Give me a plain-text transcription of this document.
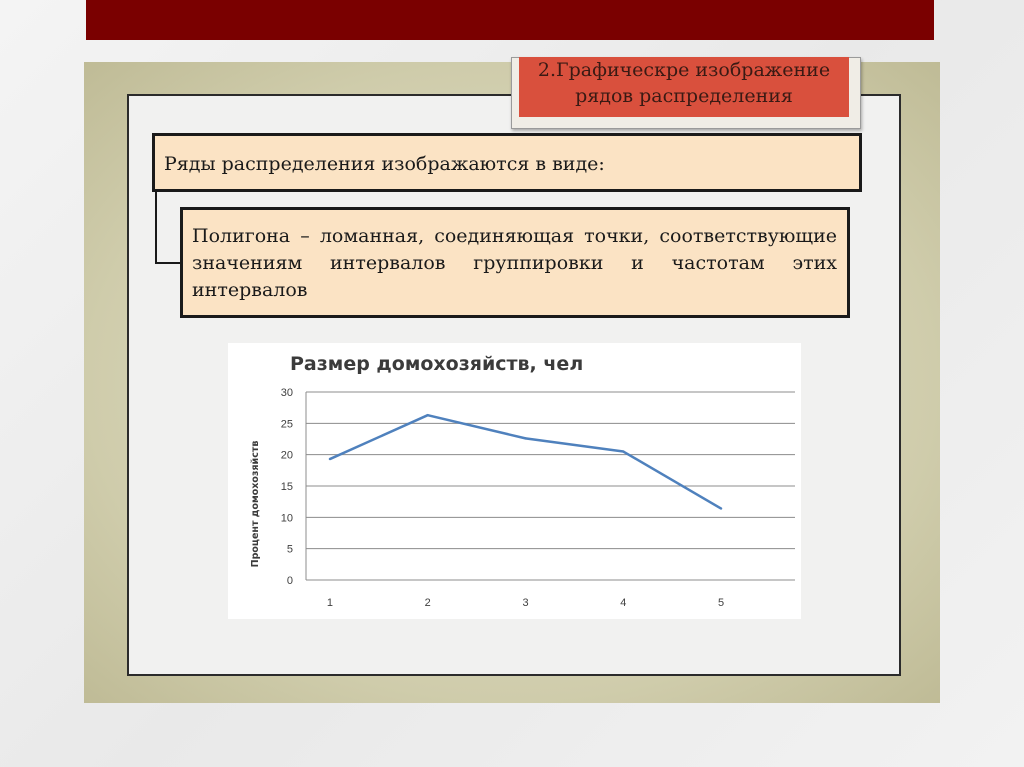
2.Графическре изображение
рядов распределения
Ряды распределения изображаются в виде:
Полигона – ломанная, соединяющая точки, соответствующие значениям интервалов группировки и частотам этих интервалов
Размер домохозяйств, чел
0
5
10
15
20
25
30
Процент домохозяйств
1	2	3	4	5
